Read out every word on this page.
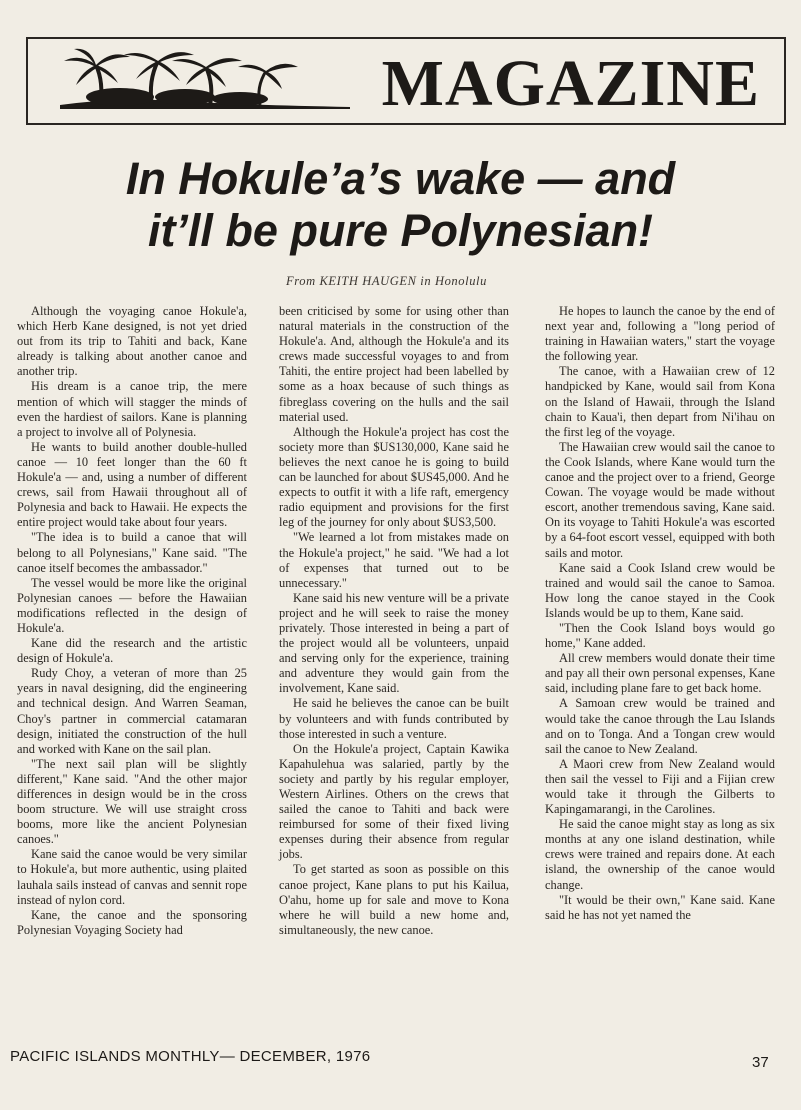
MAGAZINE
In Hokule’a’s wake — and
it’ll be pure Polynesian!
From KEITH HAUGEN in Honolulu

Although the voyaging canoe Hokule'a, which Herb Kane designed, is not yet dried out from its trip to Tahiti and back, Kane already is talking about another canoe and another trip.

His dream is a canoe trip, the mere mention of which will stagger the minds of even the hardiest of sailors. Kane is planning a project to involve all of Polynesia.

He wants to build another double-hulled canoe — 10 feet longer than the 60 ft Hokule'a — and, using a number of different crews, sail from Hawaii throughout all of Polynesia and back to Hawaii. He expects the entire project would take about four years.

"The idea is to build a canoe that will belong to all Polynesians," Kane said. "The canoe itself becomes the ambassador."

The vessel would be more like the original Polynesian canoes — before the Hawaiian modifications reflected in the design of Hokule'a.

Kane did the research and the artistic design of Hokule'a.

Rudy Choy, a veteran of more than 25 years in naval designing, did the engineering and technical design. And Warren Seaman, Choy's partner in commercial catamaran design, initiated the construction of the hull and worked with Kane on the sail plan.

"The next sail plan will be slightly different," Kane said. "And the other major differences in design would be in the cross boom structure. We will use straight cross booms, more like the ancient Polynesian canoes."

Kane said the canoe would be very similar to Hokule'a, but more authentic, using plaited lauhala sails instead of canvas and sennit rope instead of nylon cord.

Kane, the canoe and the sponsoring Polynesian Voyaging Society had

been criticised by some for using other than natural materials in the construction of the Hokule'a. And, although the Hokule'a and its crews made successful voyages to and from Tahiti, the entire project had been labelled by some as a hoax because of such things as fibreglass covering on the hulls and the sail material used.

Although the Hokule'a project has cost the society more than $US130,000, Kane said he believes the next canoe he is going to build can be launched for about $US45,000. And he expects to outfit it with a life raft, emergency radio equipment and provisions for the first leg of the journey for only about $US3,500.

"We learned a lot from mistakes made on the Hokule'a project," he said. "We had a lot of expenses that turned out to be unnecessary."

Kane said his new venture will be a private project and he will seek to raise the money privately. Those interested in being a part of the project would all be volunteers, unpaid and serving only for the experience, training and adventure they would gain from the involvement, Kane said.

He said he believes the canoe can be built by volunteers and with funds contributed by those interested in such a venture.

On the Hokule'a project, Captain Kawika Kapahulehua was salaried, partly by the society and partly by his regular employer, Western Airlines. Others on the crews that sailed the canoe to Tahiti and back were reimbursed for some of their fixed living expenses during their absence from regular jobs.

To get started as soon as possible on this canoe project, Kane plans to put his Kailua, O'ahu, home up for sale and move to Kona where he will build a new home and, simultaneously, the new canoe.

He hopes to launch the canoe by the end of next year and, following a "long period of training in Hawaiian waters," start the voyage the following year.

The canoe, with a Hawaiian crew of 12 handpicked by Kane, would sail from Kona on the Island of Hawaii, through the Island chain to Kaua'i, then depart from Ni'ihau on the first leg of the voyage.

The Hawaiian crew would sail the canoe to the Cook Islands, where Kane would turn the canoe and the project over to a friend, George Cowan. The voyage would be made without escort, another tremendous saving, Kane said. On its voyage to Tahiti Hokule'a was escorted by a 64-foot escort vessel, equipped with both sails and motor.

Kane said a Cook Island crew would be trained and would sail the canoe to Samoa. How long the canoe stayed in the Cook Islands would be up to them, Kane said.

"Then the Cook Island boys would go home," Kane added.

All crew members would donate their time and pay all their own personal expenses, Kane said, including plane fare to get back home.

A Samoan crew would be trained and would take the canoe through the Lau Islands and on to Tonga. And a Tongan crew would sail the canoe to New Zealand.

A Maori crew from New Zealand would then sail the vessel to Fiji and a Fijian crew would take it through the Gilberts to Kapingamarangi, in the Carolines.

He said the canoe might stay as long as six months at any one island destination, while crews were trained and repairs done. At each island, the ownership of the canoe would change.

"It would be their own," Kane said. Kane said he has not yet named the

PACIFIC ISLANDS MONTHLY— DECEMBER, 1976	37
